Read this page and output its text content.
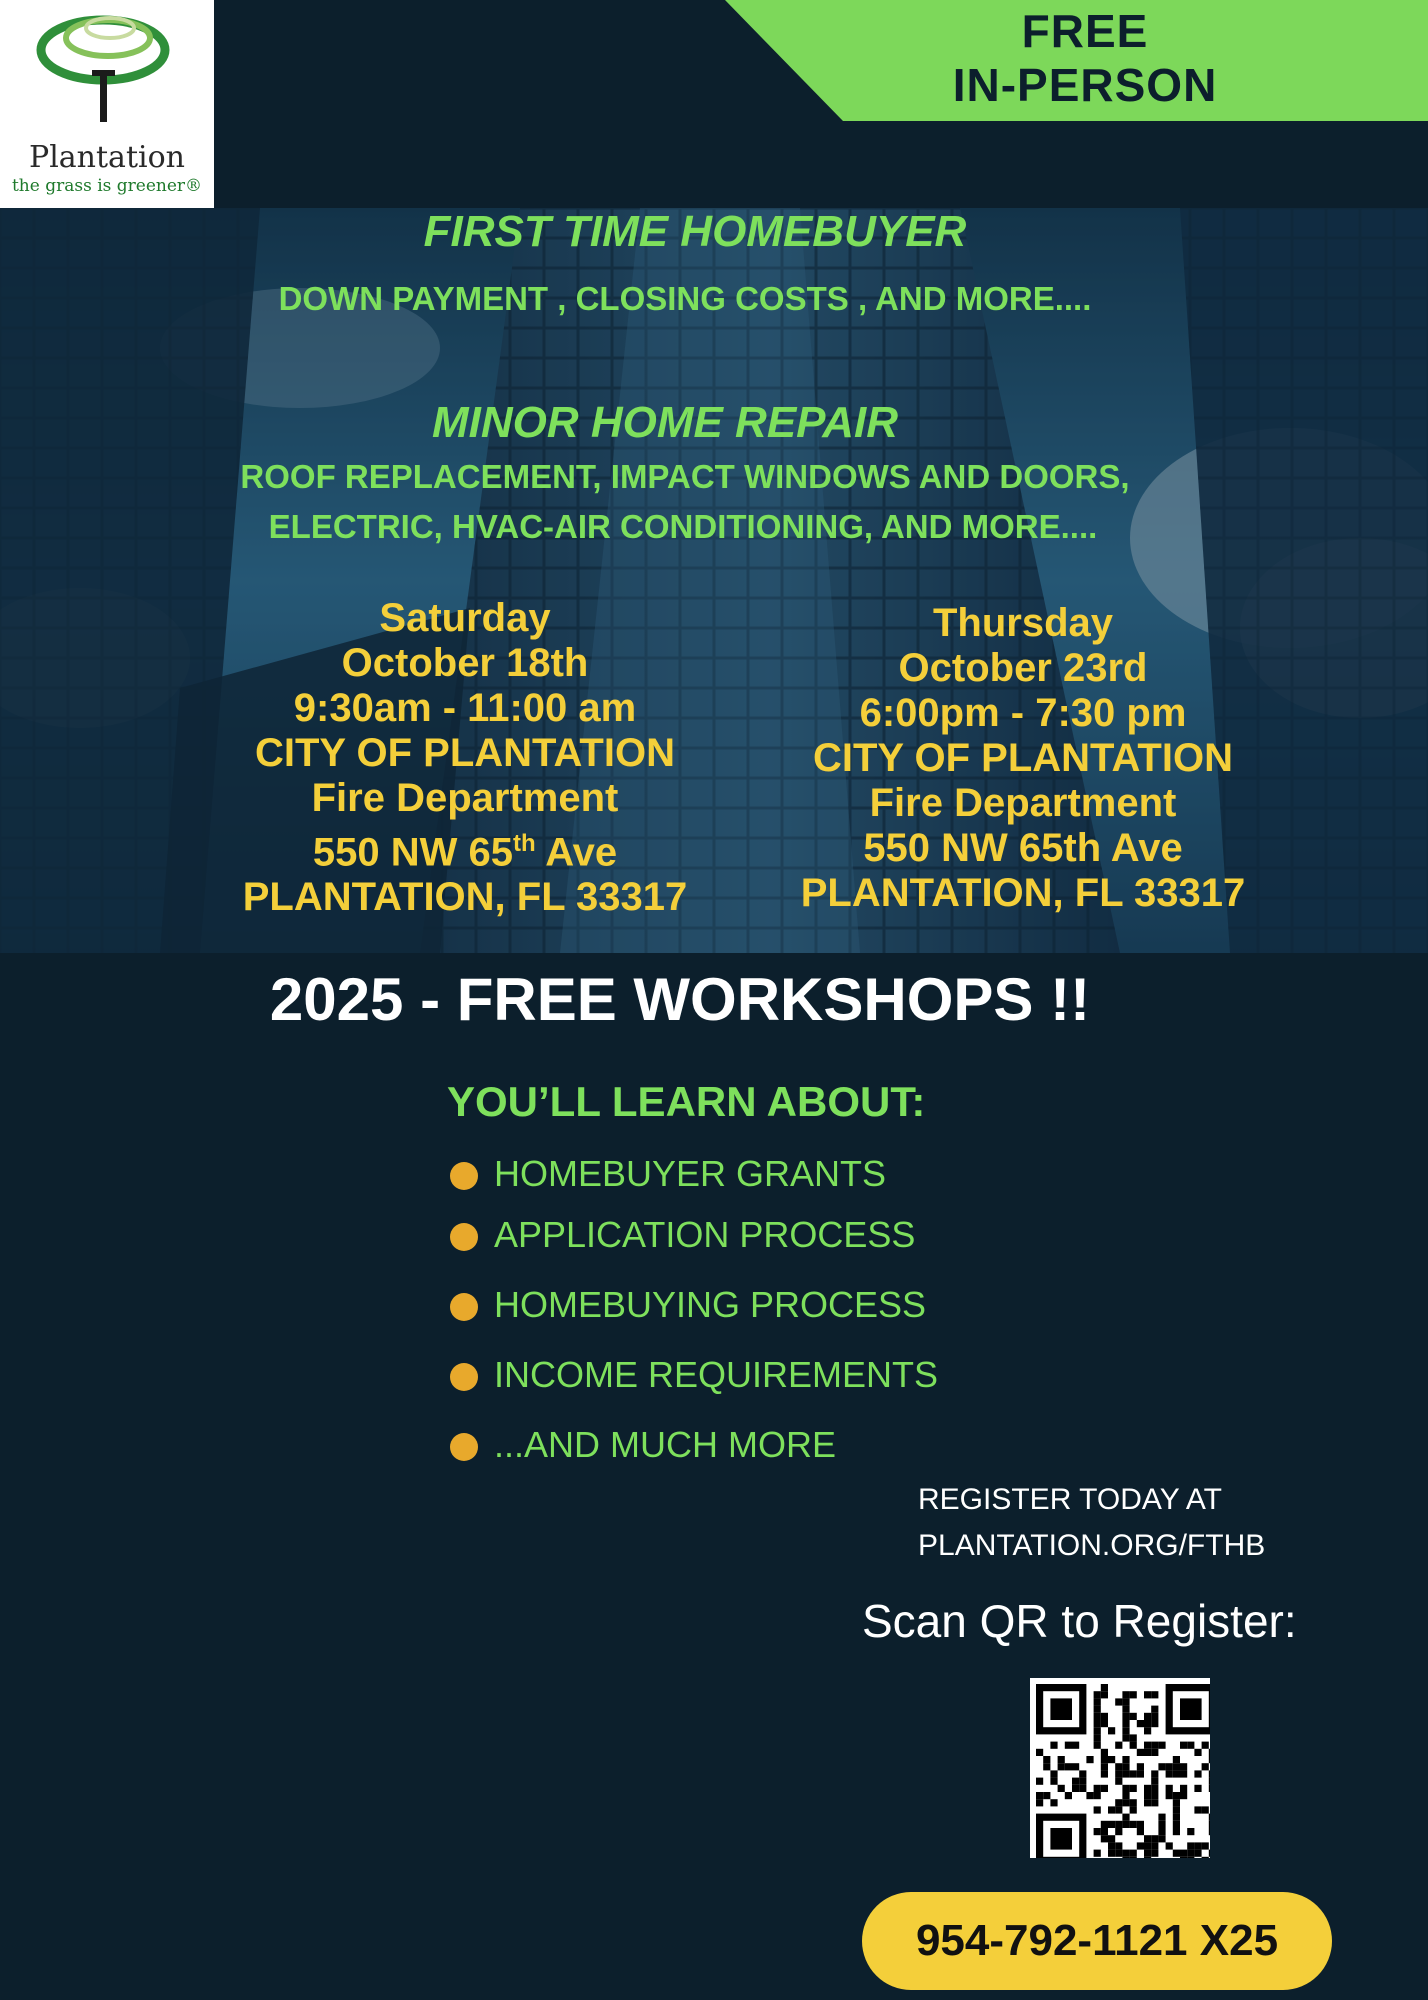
Plantation
the grass is greener®
FREE
IN-PERSON
FIRST TIME HOMEBUYER
DOWN PAYMENT , CLOSING COSTS , AND MORE....
MINOR HOME REPAIR
ROOF REPLACEMENT, IMPACT WINDOWS AND DOORS,
ELECTRIC, HVAC-AIR CONDITIONING, AND MORE....
Saturday
October 18th
9:30am - 11:00 am
CITY OF PLANTATION
Fire Department
550 NW 65th Ave
PLANTATION, FL 33317
Thursday
October 23rd
6:00pm - 7:30 pm
CITY OF PLANTATION
Fire Department
550 NW 65th Ave
PLANTATION, FL 33317
2025 - FREE WORKSHOPS !!
YOU’LL LEARN ABOUT:
HOMEBUYER GRANTS
APPLICATION PROCESS
HOMEBUYING PROCESS
INCOME REQUIREMENTS
...AND MUCH MORE
REGISTER TODAY AT
PLANTATION.ORG/FTHB
Scan QR to Register:
954-792-1121 X25
